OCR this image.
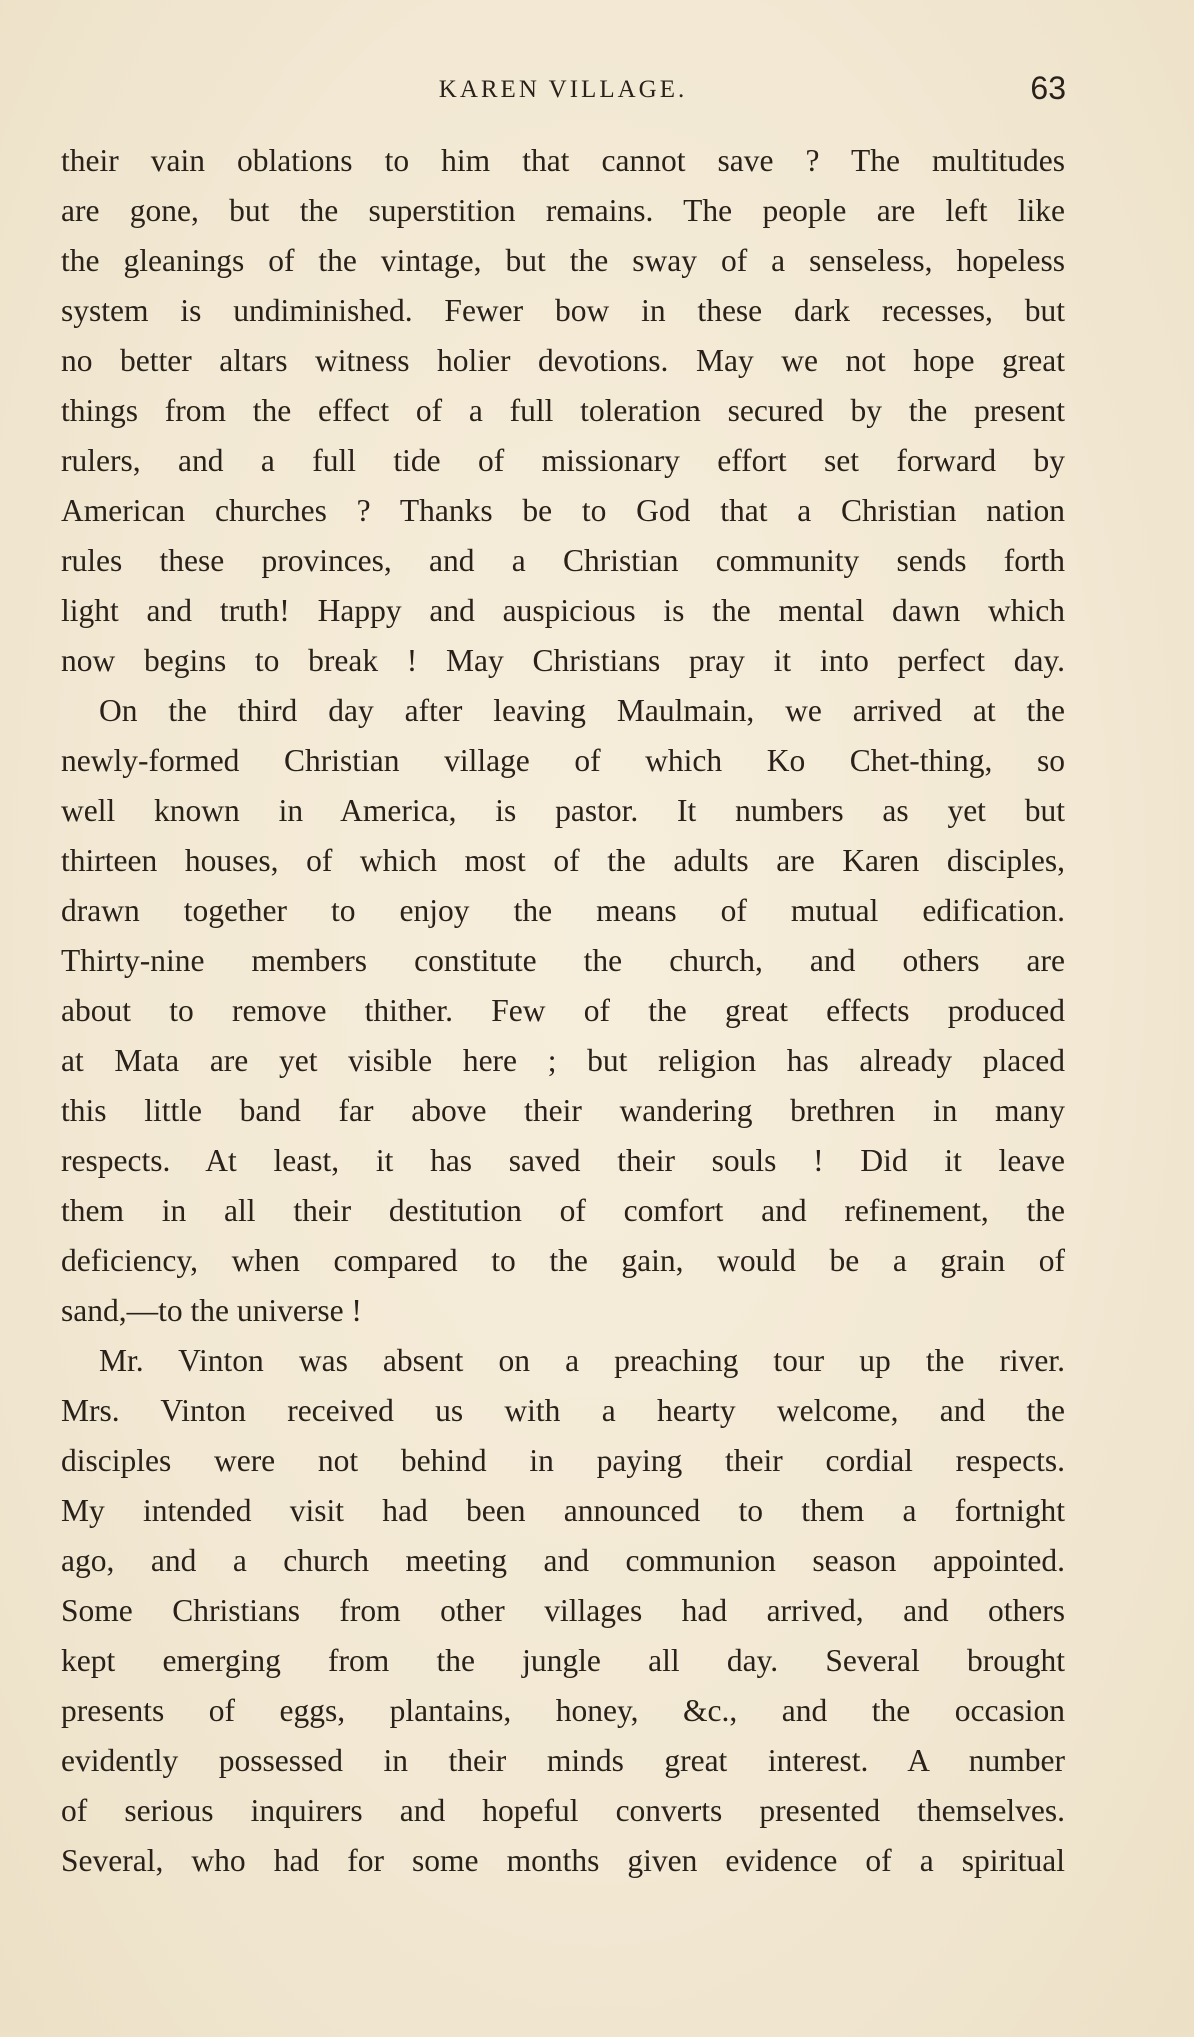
KAREN VILLAGE.	63
their vain oblations to him that cannot save ? The multitudes
are gone, but the superstition remains. The people are left like
the gleanings of the vintage, but the sway of a senseless, hopeless
system is undiminished. Fewer bow in these dark recesses, but
no better altars witness holier devotions. May we not hope great
things from the effect of a full toleration secured by the present
rulers, and a full tide of missionary effort set forward by
American churches ? Thanks be to God that a Christian nation
rules these provinces, and a Christian community sends forth
light and truth! Happy and auspicious is the mental dawn which
now begins to break ! May Christians pray it into perfect day.
On the third day after leaving Maulmain, we arrived at the
newly-formed Christian village of which Ko Chet-thing, so
well known in America, is pastor. It numbers as yet but
thirteen houses, of which most of the adults are Karen disciples,
drawn together to enjoy the means of mutual edification.
Thirty-nine members constitute the church, and others are
about to remove thither. Few of the great effects produced
at Mata are yet visible here ; but religion has already placed
this little band far above their wandering brethren in many
respects. At least, it has saved their souls ! Did it leave
them in all their destitution of comfort and refinement, the
deficiency, when compared to the gain, would be a grain of
sand,—to the universe !
Mr. Vinton was absent on a preaching tour up the river.
Mrs. Vinton received us with a hearty welcome, and the
disciples were not behind in paying their cordial respects.
My intended visit had been announced to them a fortnight
ago, and a church meeting and communion season appointed.
Some Christians from other villages had arrived, and others
kept emerging from the jungle all day. Several brought
presents of eggs, plantains, honey, &c., and the occasion
evidently possessed in their minds great interest. A number
of serious inquirers and hopeful converts presented themselves.
Several, who had for some months given evidence of a spiritual
